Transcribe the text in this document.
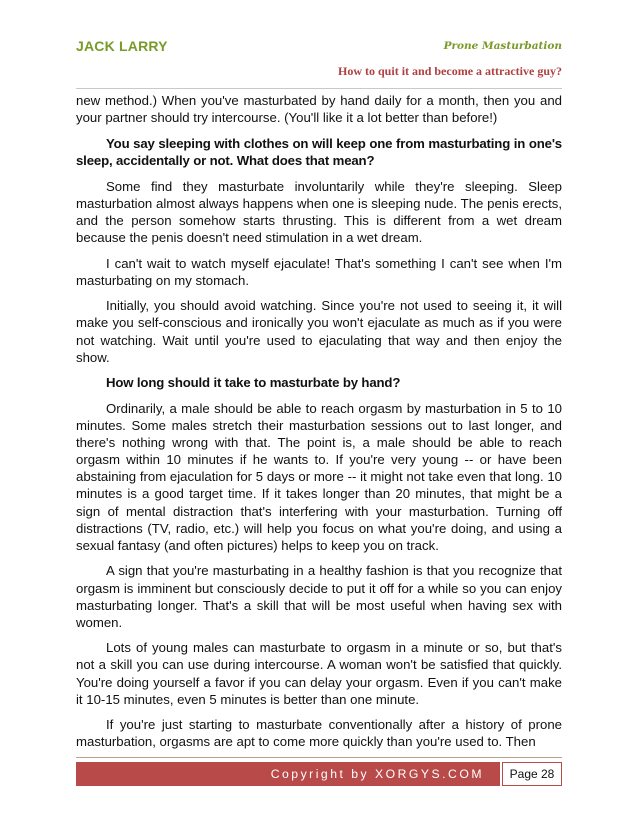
JACK LARRY	Prone Masturbation
How to quit it and become a attractive guy?

new method.) When you've masturbated by hand daily for a month, then you and your partner should try intercourse. (You'll like it a lot better than before!)

You say sleeping with clothes on will keep one from masturbating in one's sleep, accidentally or not. What does that mean?

Some find they masturbate involuntarily while they're sleeping. Sleep masturbation almost always happens when one is sleeping nude. The penis erects, and the person somehow starts thrusting. This is different from a wet dream because the penis doesn't need stimulation in a wet dream.

I can't wait to watch myself ejaculate! That's something I can't see when I'm masturbating on my stomach.

Initially, you should avoid watching. Since you're not used to seeing it, it will make you self-conscious and ironically you won't ejaculate as much as if you were not watching. Wait until you're used to ejaculating that way and then enjoy the show.

How long should it take to masturbate by hand?

Ordinarily, a male should be able to reach orgasm by masturbation in 5 to 10 minutes. Some males stretch their masturbation sessions out to last longer, and there's nothing wrong with that. The point is, a male should be able to reach orgasm within 10 minutes if he wants to. If you're very young -- or have been abstaining from ejaculation for 5 days or more -- it might not take even that long. 10 minutes is a good target time. If it takes longer than 20 minutes, that might be a sign of mental distraction that's interfering with your masturbation. Turning off distractions (TV, radio, etc.) will help you focus on what you're doing, and using a sexual fantasy (and often pictures) helps to keep you on track.

A sign that you're masturbating in a healthy fashion is that you recognize that orgasm is imminent but consciously decide to put it off for a while so you can enjoy masturbating longer. That's a skill that will be most useful when having sex with women.

Lots of young males can masturbate to orgasm in a minute or so, but that's not a skill you can use during intercourse. A woman won't be satisfied that quickly. You're doing yourself a favor if you can delay your orgasm. Even if you can't make it 10-15 minutes, even 5 minutes is better than one minute.

If you're just starting to masturbate conventionally after a history of prone masturbation, orgasms are apt to come more quickly than you're used to. Then

Copyright by XORGYS.COM	Page 28
